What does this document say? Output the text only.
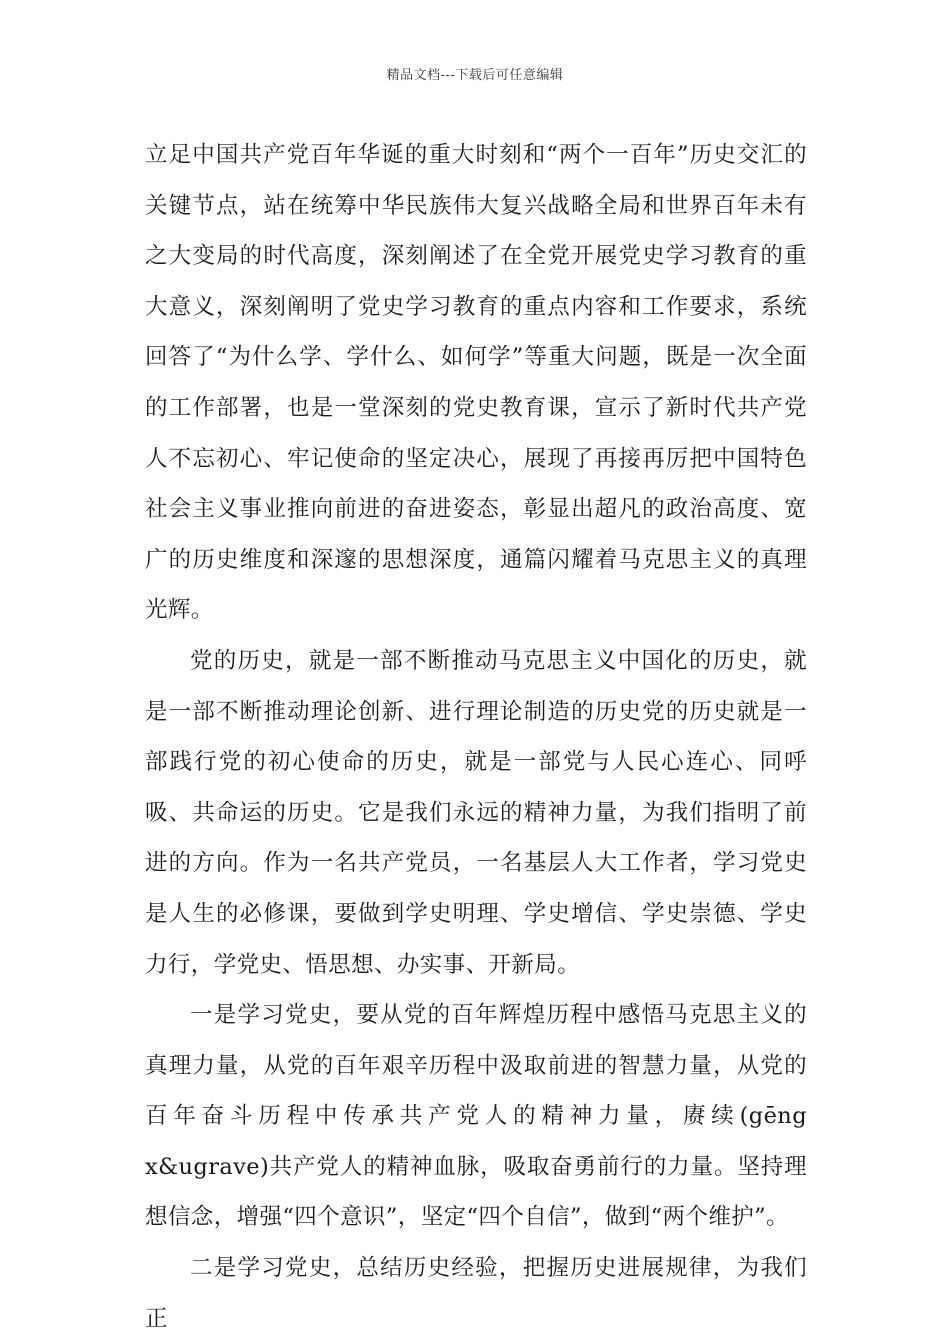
精品文档---下载后可任意编辑

立足中国共产党百年华诞的重大时刻和“两个一百年”历史交汇的关键节点，站在统筹中华民族伟大复兴战略全局和世界百年未有之大变局的时代高度，深刻阐述了在全党开展党史学习教育的重大意义，深刻阐明了党史学习教育的重点内容和工作要求，系统回答了“为什么学、学什么、如何学”等重大问题，既是一次全面的工作部署，也是一堂深刻的党史教育课，宣示了新时代共产党人不忘初心、牢记使命的坚定决心，展现了再接再厉把中国特色社会主义事业推向前进的奋进姿态，彰显出超凡的政治高度、宽广的历史维度和深邃的思想深度，通篇闪耀着马克思主义的真理光辉。

党的历史，就是一部不断推动马克思主义中国化的历史，就是一部不断推动理论创新、进行理论制造的历史党的历史就是一部践行党的初心使命的历史，就是一部党与人民心连心、同呼吸、共命运的历史。它是我们永远的精神力量，为我们指明了前进的方向。作为一名共产党员，一名基层人大工作者，学习党史是人生的必修课，要做到学史明理、学史增信、学史崇德、学史力行，学党史、悟思想、办实事、开新局。

一是学习党史，要从党的百年辉煌历程中感悟马克思主义的真理力量，从党的百年艰辛历程中汲取前进的智慧力量，从党的百年奋斗历程中传承共产党人的精神力量，赓续(gēng x&ugrave)共产党人的精神血脉，吸取奋勇前行的力量。坚持理想信念，增强“四个意识”，坚定“四个自信”，做到“两个维护”。

二是学习党史，总结历史经验，把握历史进展规律，为我们正
